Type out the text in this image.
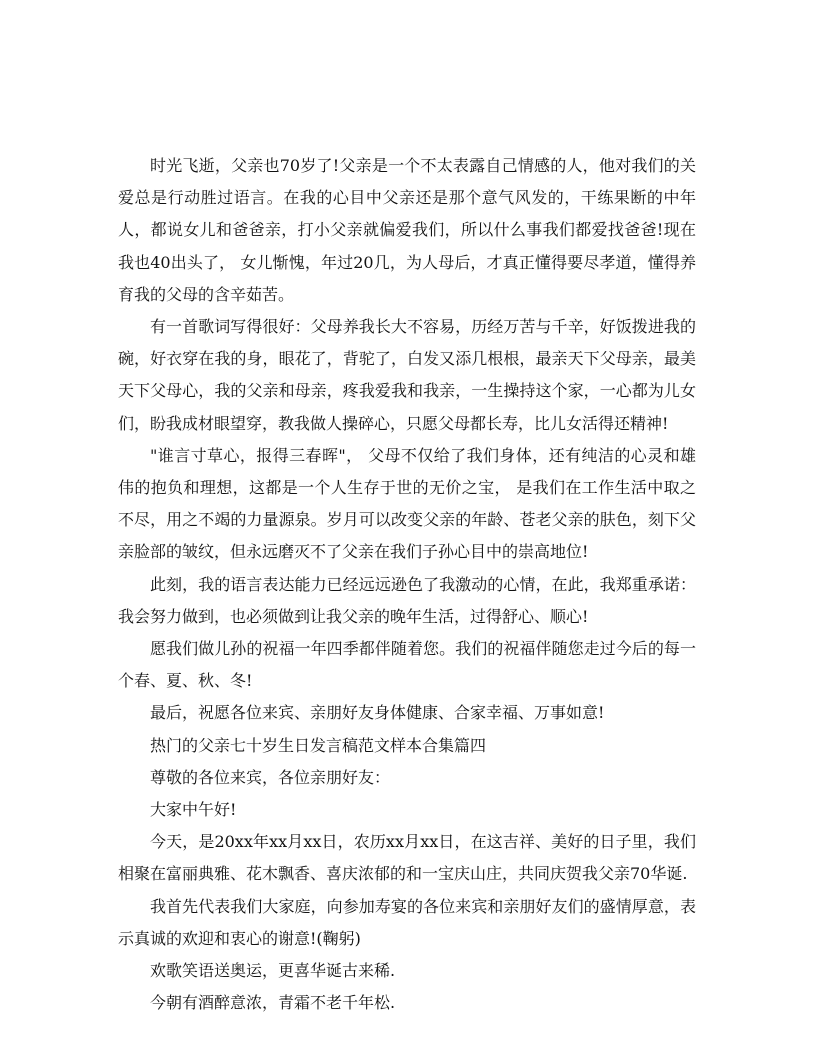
时光飞逝，父亲也70岁了!父亲是一个不太表露自己情感的人，他对我们的关爱总是行动胜过语言。在我的心目中父亲还是那个意气风发的，干练果断的中年人，都说女儿和爸爸亲，打小父亲就偏爱我们，所以什么事我们都爱找爸爸!现在我也40出头了， 女儿惭愧，年过20几，为人母后，才真正懂得要尽孝道，懂得养育我的父母的含辛茹苦。

有一首歌词写得很好：父母养我长大不容易，历经万苦与千辛，好饭拨进我的碗，好衣穿在我的身，眼花了，背驼了，白发又添几根根，最亲天下父母亲，最美天下父母心，我的父亲和母亲，疼我爱我和我亲，一生操持这个家，一心都为儿女们，盼我成材眼望穿，教我做人操碎心，只愿父母都长寿，比儿女活得还精神!

"谁言寸草心，报得三春晖"， 父母不仅给了我们身体，还有纯洁的心灵和雄伟的抱负和理想，这都是一个人生存于世的无价之宝， 是我们在工作生活中取之不尽，用之不竭的力量源泉。岁月可以改变父亲的年龄、苍老父亲的肤色，刻下父亲脸部的皱纹，但永远磨灭不了父亲在我们子孙心目中的崇高地位!

此刻，我的语言表达能力已经远远逊色了我激动的心情，在此，我郑重承诺：我会努力做到，也必须做到让我父亲的晚年生活，过得舒心、顺心!

愿我们做儿孙的祝福一年四季都伴随着您。我们的祝福伴随您走过今后的每一个春、夏、秋、冬!

最后，祝愿各位来宾、亲朋好友身体健康、合家幸福、万事如意!

热门的父亲七十岁生日发言稿范文样本合集篇四

尊敬的各位来宾，各位亲朋好友：

大家中午好!

今天，是20xx年xx月xx日，农历xx月xx日，在这吉祥、美好的日子里，我们相聚在富丽典雅、花木飘香、喜庆浓郁的和一宝庆山庄，共同庆贺我父亲70华诞.

我首先代表我们大家庭，向参加寿宴的各位来宾和亲朋好友们的盛情厚意，表示真诚的欢迎和衷心的谢意!(鞠躬)

欢歌笑语送奥运，更喜华诞古来稀.

今朝有酒醉意浓，青霜不老千年松.
